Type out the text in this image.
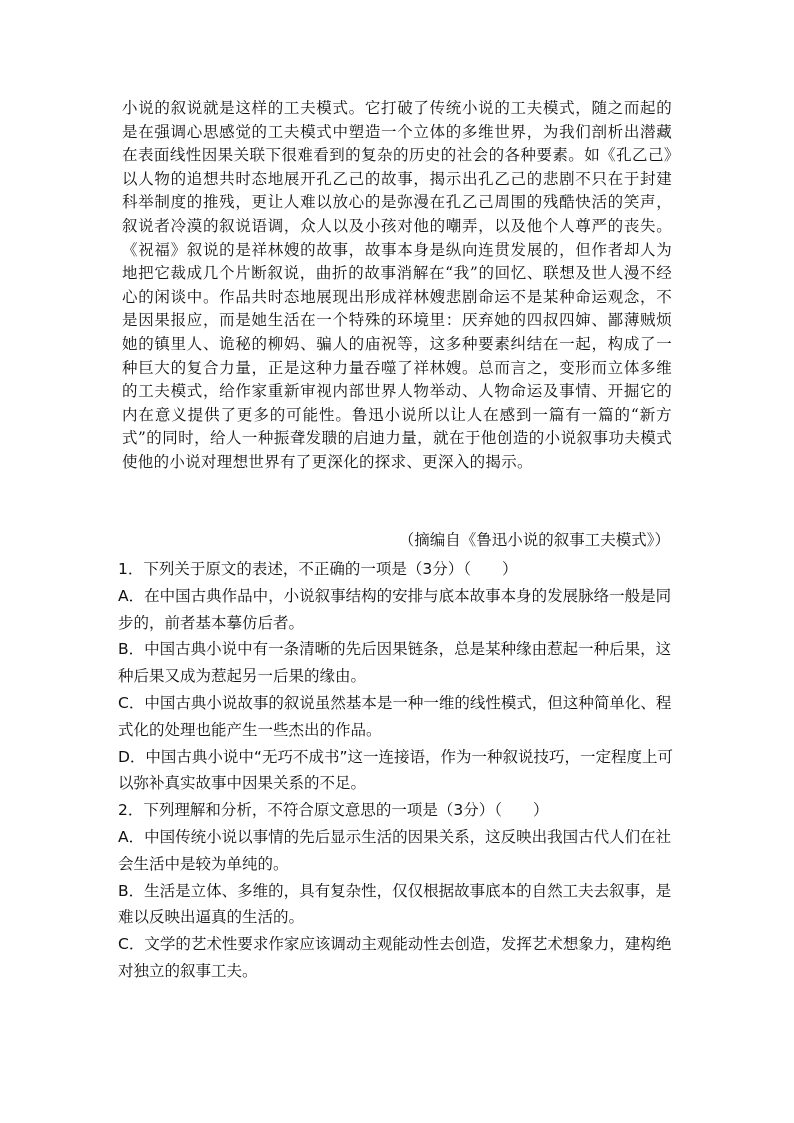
小说的叙说就是这样的工夫模式。它打破了传统小说的工夫模式，随之而起的是在强调心思感觉的工夫模式中塑造一个立体的多维世界，为我们剖析出潜藏在表面线性因果关联下很难看到的复杂的历史的社会的各种要素。如《孔乙己》以人物的追想共时态地展开孔乙己的故事，揭示出孔乙己的悲剧不只在于封建科举制度的推残，更让人难以放心的是弥漫在孔乙己周围的残酷快活的笑声，叙说者冷漠的叙说语调，众人以及小孩对他的嘲弄，以及他个人尊严的丧失。《祝福》叙说的是祥林嫂的故事，故事本身是纵向连贯发展的，但作者却人为地把它裁成几个片断叙说，曲折的故事消解在“我”的回忆、联想及世人漫不经心的闲谈中。作品共时态地展现出形成祥林嫂悲剧命运不是某种命运观念，不是因果报应，而是她生活在一个特殊的环境里：厌弃她的四叔四婶、鄙薄贼烦她的镇里人、诡秘的柳妈、骗人的庙祝等，这多种要素纠结在一起，构成了一种巨大的复合力量，正是这种力量吞噬了祥林嫂。总而言之，变形而立体多维的工夫模式，给作家重新审视内部世界人物举动、人物命运及事情、开掘它的内在意义提供了更多的可能性。鲁迅小说所以让人在感到一篇有一篇的“新方式”的同时，给人一种振聋发聩的启迪力量，就在于他创造的小说叙事功夫模式使他的小说对理想世界有了更深化的探求、更深入的揭示。

（摘编自《鲁迅小说的叙事工夫模式》）

1．下列关于原文的表述，不正确的一项是（3分）（　　）

A．在中国古典作品中，小说叙事结构的安排与底本故事本身的发展脉络一般是同步的，前者基本摹仿后者。

B．中国古典小说中有一条清晰的先后因果链条，总是某种缘由惹起一种后果，这种后果又成为惹起另一后果的缘由。

C．中国古典小说故事的叙说虽然基本是一种一维的线性模式，但这种简单化、程式化的处理也能产生一些杰出的作品。

D．中国古典小说中“无巧不成书”这一连接语，作为一种叙说技巧，一定程度上可以弥补真实故事中因果关系的不足。

2．下列理解和分析，不符合原文意思的一项是（3分）（　　）

A．中国传统小说以事情的先后显示生活的因果关系，这反映出我国古代人们在社会生活中是较为单纯的。

B．生活是立体、多维的，具有复杂性，仅仅根据故事底本的自然工夫去叙事，是难以反映出逼真的生活的。

C．文学的艺术性要求作家应该调动主观能动性去创造，发挥艺术想象力，建构绝对独立的叙事工夫。
